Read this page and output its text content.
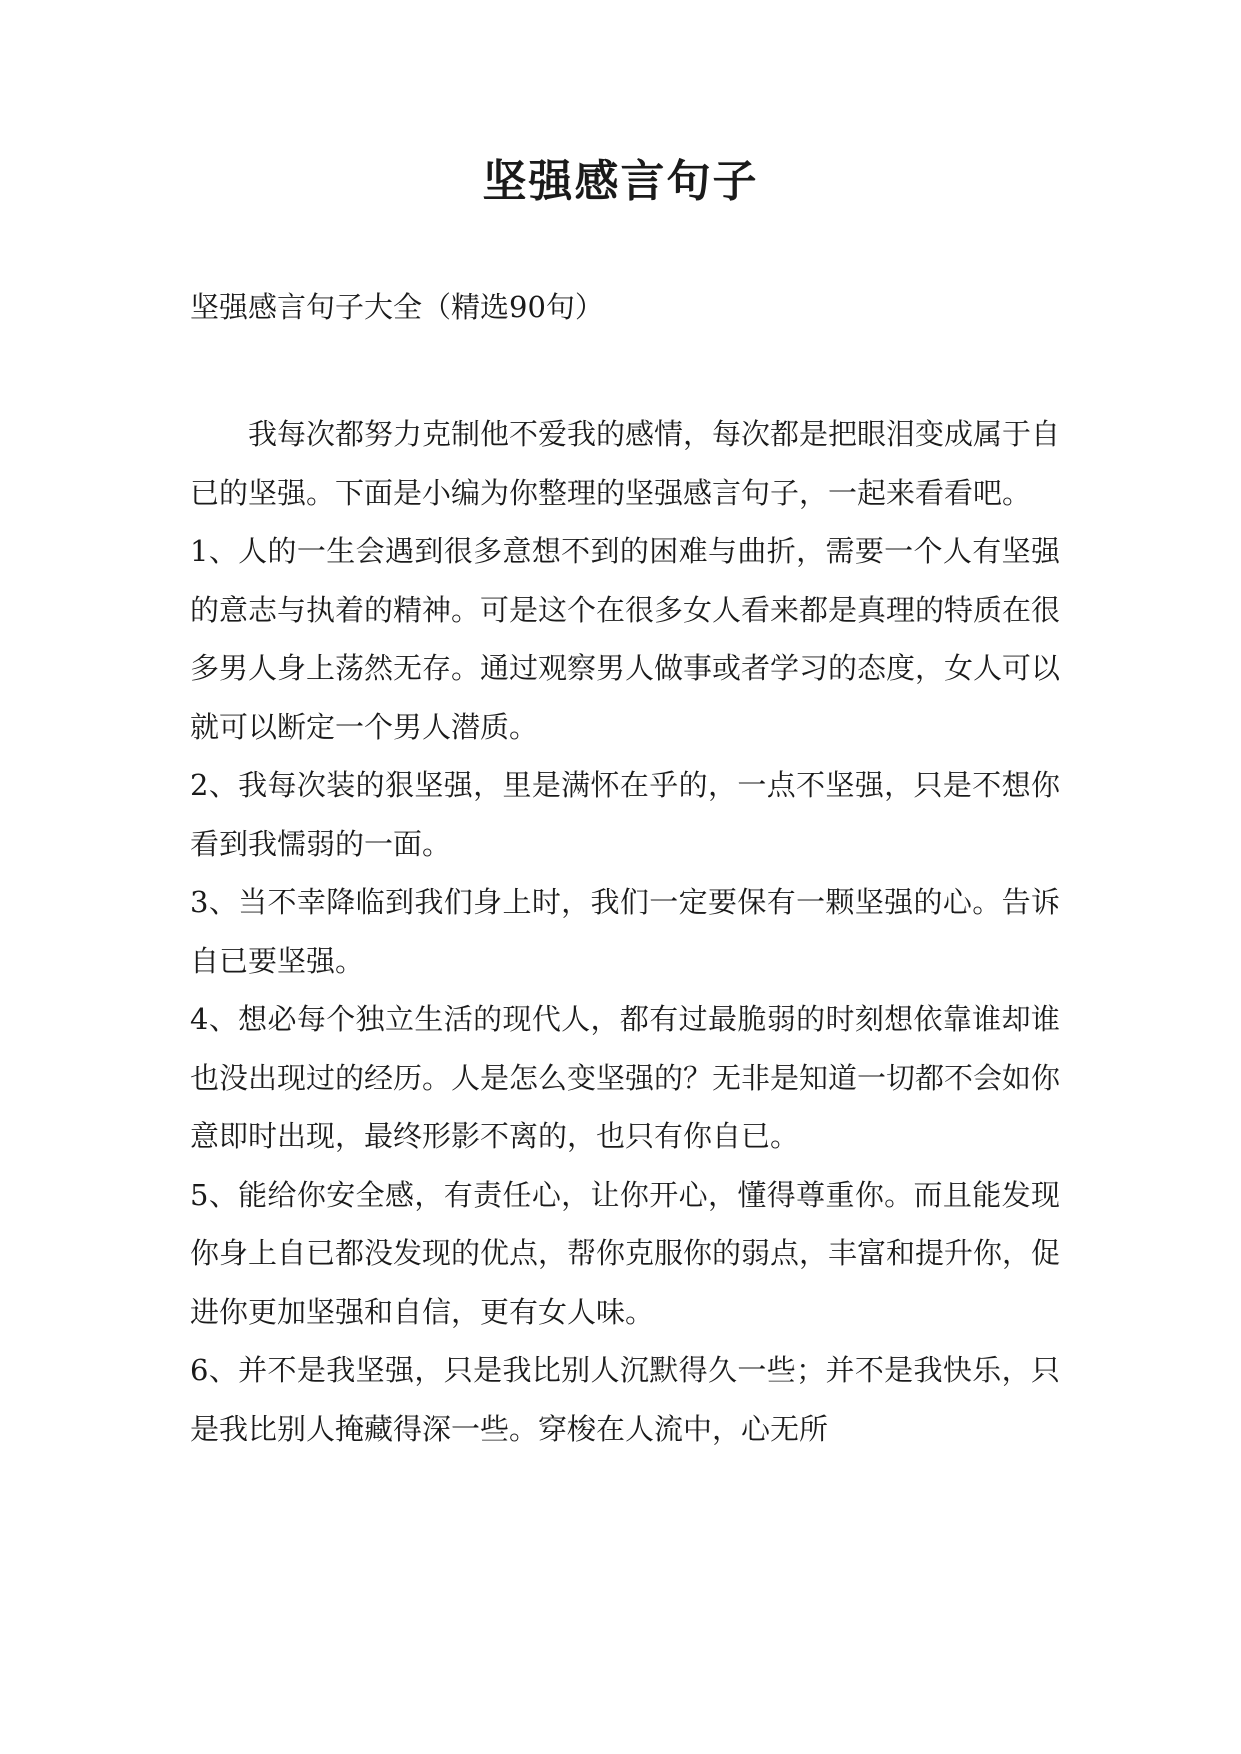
坚强感言句子
坚强感言句子大全（精选90句）

我每次都努力克制他不爱我的感情，每次都是把眼泪变成属于自已的坚强。下面是小编为你整理的坚强感言句子，一起来看看吧。

1、人的一生会遇到很多意想不到的困难与曲折，需要一个人有坚强的意志与执着的精神。可是这个在很多女人看来都是真理的特质在很多男人身上荡然无存。通过观察男人做事或者学习的态度，女人可以就可以断定一个男人潜质。

2、我每次装的狠坚强，里是满怀在乎的，一点不坚强，只是不想你看到我懦弱的一面。

3、当不幸降临到我们身上时，我们一定要保有一颗坚强的心。告诉自已要坚强。

4、想必每个独立生活的现代人，都有过最脆弱的时刻想依靠谁却谁也没出现过的经历。人是怎么变坚强的？无非是知道一切都不会如你意即时出现，最终形影不离的，也只有你自已。

5、能给你安全感，有责任心，让你开心，懂得尊重你。而且能发现你身上自已都没发现的优点，帮你克服你的弱点，丰富和提升你，促进你更加坚强和自信，更有女人味。

6、并不是我坚强，只是我比别人沉默得久一些；并不是我快乐，只是我比别人掩藏得深一些。穿梭在人流中，心无所
